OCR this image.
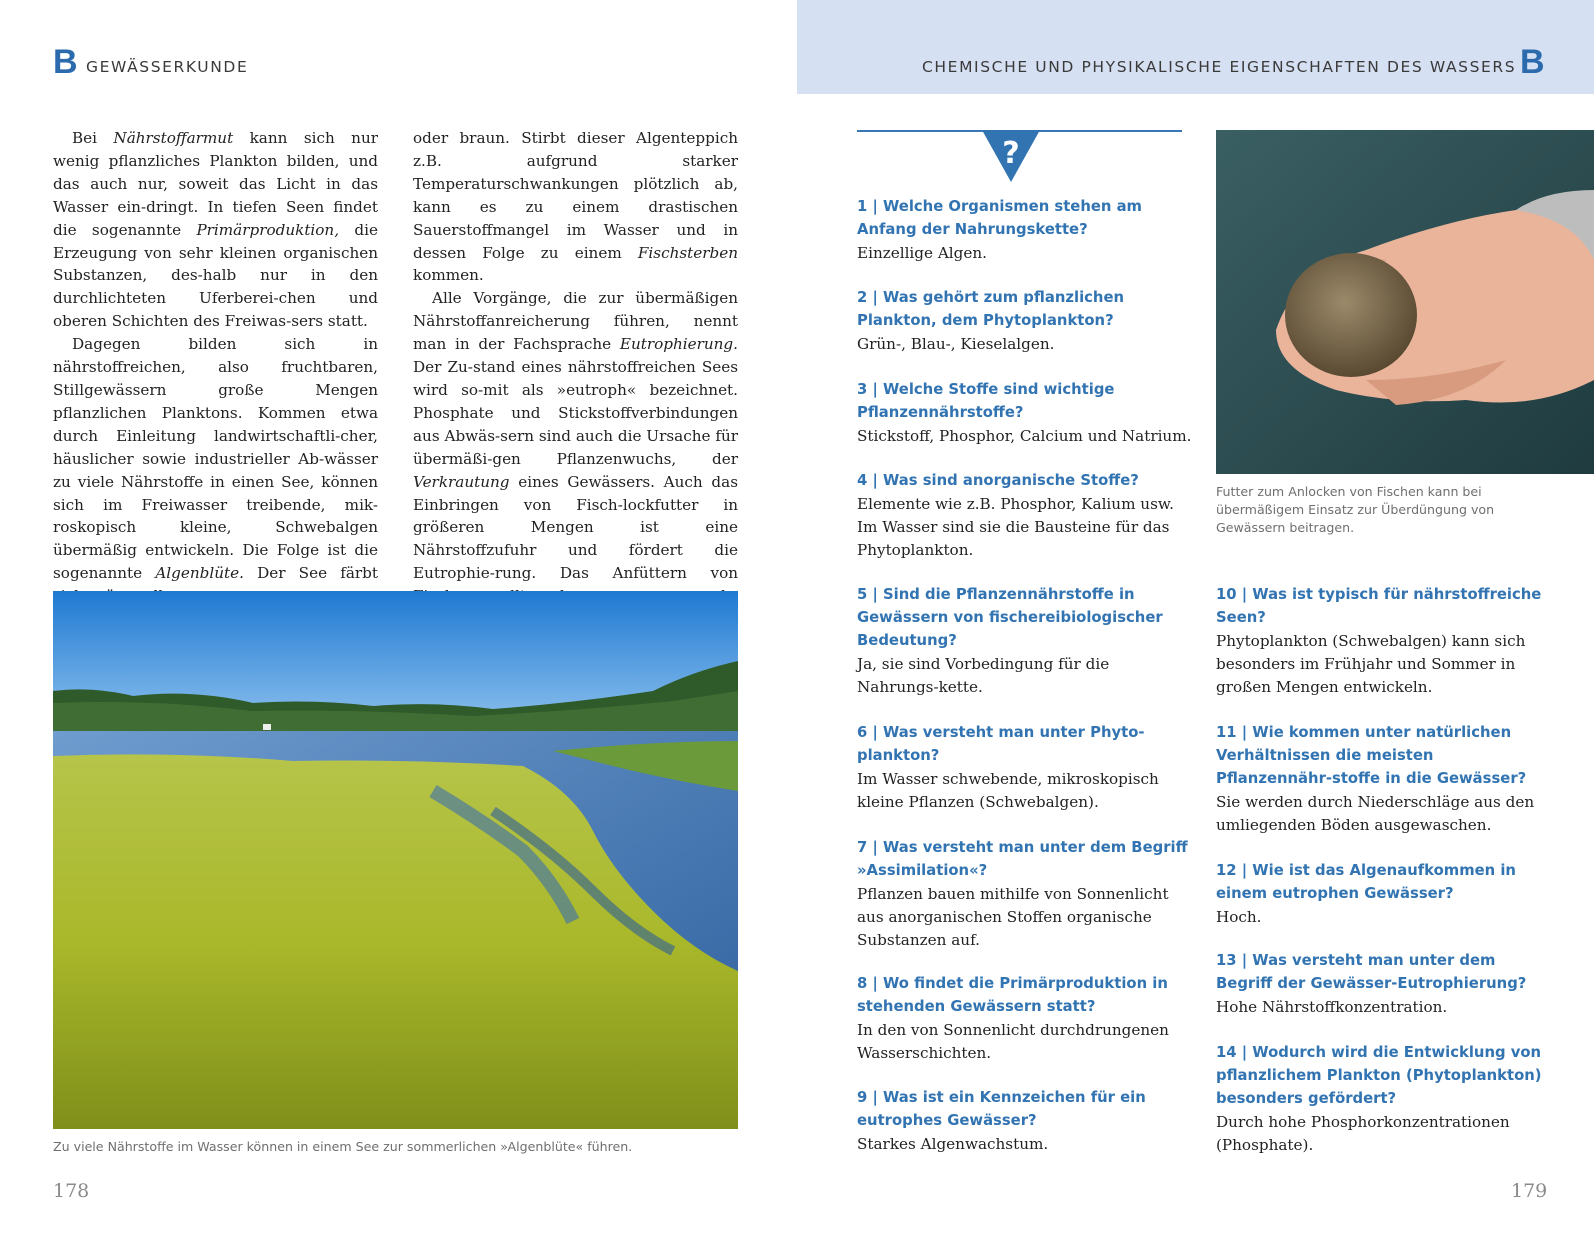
B GEWÄSSERKUNDE	CHEMISCHE UND PHYSIKALISCHE EIGENSCHAFTEN DES WASSERS B

Bei Nährstoffarmut kann sich nur wenig pflanzliches Plankton bilden, und das auch nur, soweit das Licht in das Wasser ein-dringt. In tiefen Seen findet die sogenannte Primärproduktion, die Erzeugung von sehr kleinen organischen Substanzen, des-halb nur in den durchlichteten Uferberei-chen und oberen Schichten des Freiwas-sers statt.

Dagegen bilden sich in nährstoffreichen, also fruchtbaren, Stillgewässern große Mengen pflanzlichen Planktons. Kommen etwa durch Einleitung landwirtschaftli-cher, häuslicher sowie industrieller Ab-wässer zu viele Nährstoffe in einen See, können sich im Freiwasser treibende, mik-roskopisch kleine, Schwebalgen übermäßig entwickeln. Die Folge ist die sogenannte Algenblüte. Der See färbt

oder braun. Stirbt dieser Algenteppich z.B. aufgrund starker Temperaturschwankungen plötzlich ab, kann es zu einem drastischen Sauerstoffmangel im Wasser und in dessen Folge zu einem Fischsterben kommen.

Alle Vorgänge, die zur übermäßigen Nährstoffanreicherung führen, nennt man in der Fachsprache Eutrophierung. Der Zu-stand eines nährstoffreichen Sees wird so-mit als »eutroph« bezeichnet. Phosphate und Stickstoffverbindungen aus Abwäs-sern sind auch die Ursache für übermäßi-gen Pflanzenwuchs, der Verkrautung eines Gewässers. Auch das Einbringen von Fisch-lockfutter in größeren Mengen ist eine Nährstoffzufuhr und fördert die Eutrophie-rung. Das Anfüttern von

Zu viele Nährstoffe im Wasser können in einem See zur sommerlichen »Algenblüte« führen.
178
?
Futter zum Anlocken von Fischen kann bei übermäßigem Einsatz zur Überdüngung von Gewässern beitragen.
1 | Welche Organismen stehen am Anfang der Nahrungskette?
Einzellige Algen.
2 | Was gehört zum pflanzlichen Plankton, dem Phytoplankton?
Grün-, Blau-, Kieselalgen.
3 | Welche Stoffe sind wichtige Pflanzennährstoffe?
Stickstoff, Phosphor, Calcium und Natrium.
4 | Was sind anorganische Stoffe?
Elemente wie z.B. Phosphor, Kalium usw. Im Wasser sind sie die Bausteine für das Phytoplankton.
5 | Sind die Pflanzennährstoffe in Gewässern von fischereibiologischer Bedeutung?
Ja, sie sind Vorbedingung für die Nahrungs-kette.
6 | Was versteht man unter Phyto-plankton?
Im Wasser schwebende, mikroskopisch kleine Pflanzen (Schwebalgen).
7 | Was versteht man unter dem Begriff »Assimilation«?
Pflanzen bauen mithilfe von Sonnenlicht aus anorganischen Stoffen organische Substanzen auf.
8 | Wo findet die Primärproduktion in stehenden Gewässern statt?
In den von Sonnenlicht durchdrungenen Wasserschichten.
9 | Was ist ein Kennzeichen für ein eutrophes Gewässer?
Starkes Algenwachstum.
10 | Was ist typisch für nährstoffreiche Seen?
Phytoplankton (Schwebalgen) kann sich besonders im Frühjahr und Sommer in großen Mengen entwickeln.
11 | Wie kommen unter natürlichen Verhältnissen die meisten Pflanzennähr-stoffe in die Gewässer?
Sie werden durch Niederschläge aus den umliegenden Böden ausgewaschen.
12 | Wie ist das Algenaufkommen in einem eutrophen Gewässer?
Hoch.
13 | Was versteht man unter dem Begriff der Gewässer-Eutrophierung?
Hohe Nährstoffkonzentration.
14 | Wodurch wird die Entwicklung von pflanzlichem Plankton (Phytoplankton) besonders gefördert?
Durch hohe Phosphorkonzentrationen (Phosphate).
179
